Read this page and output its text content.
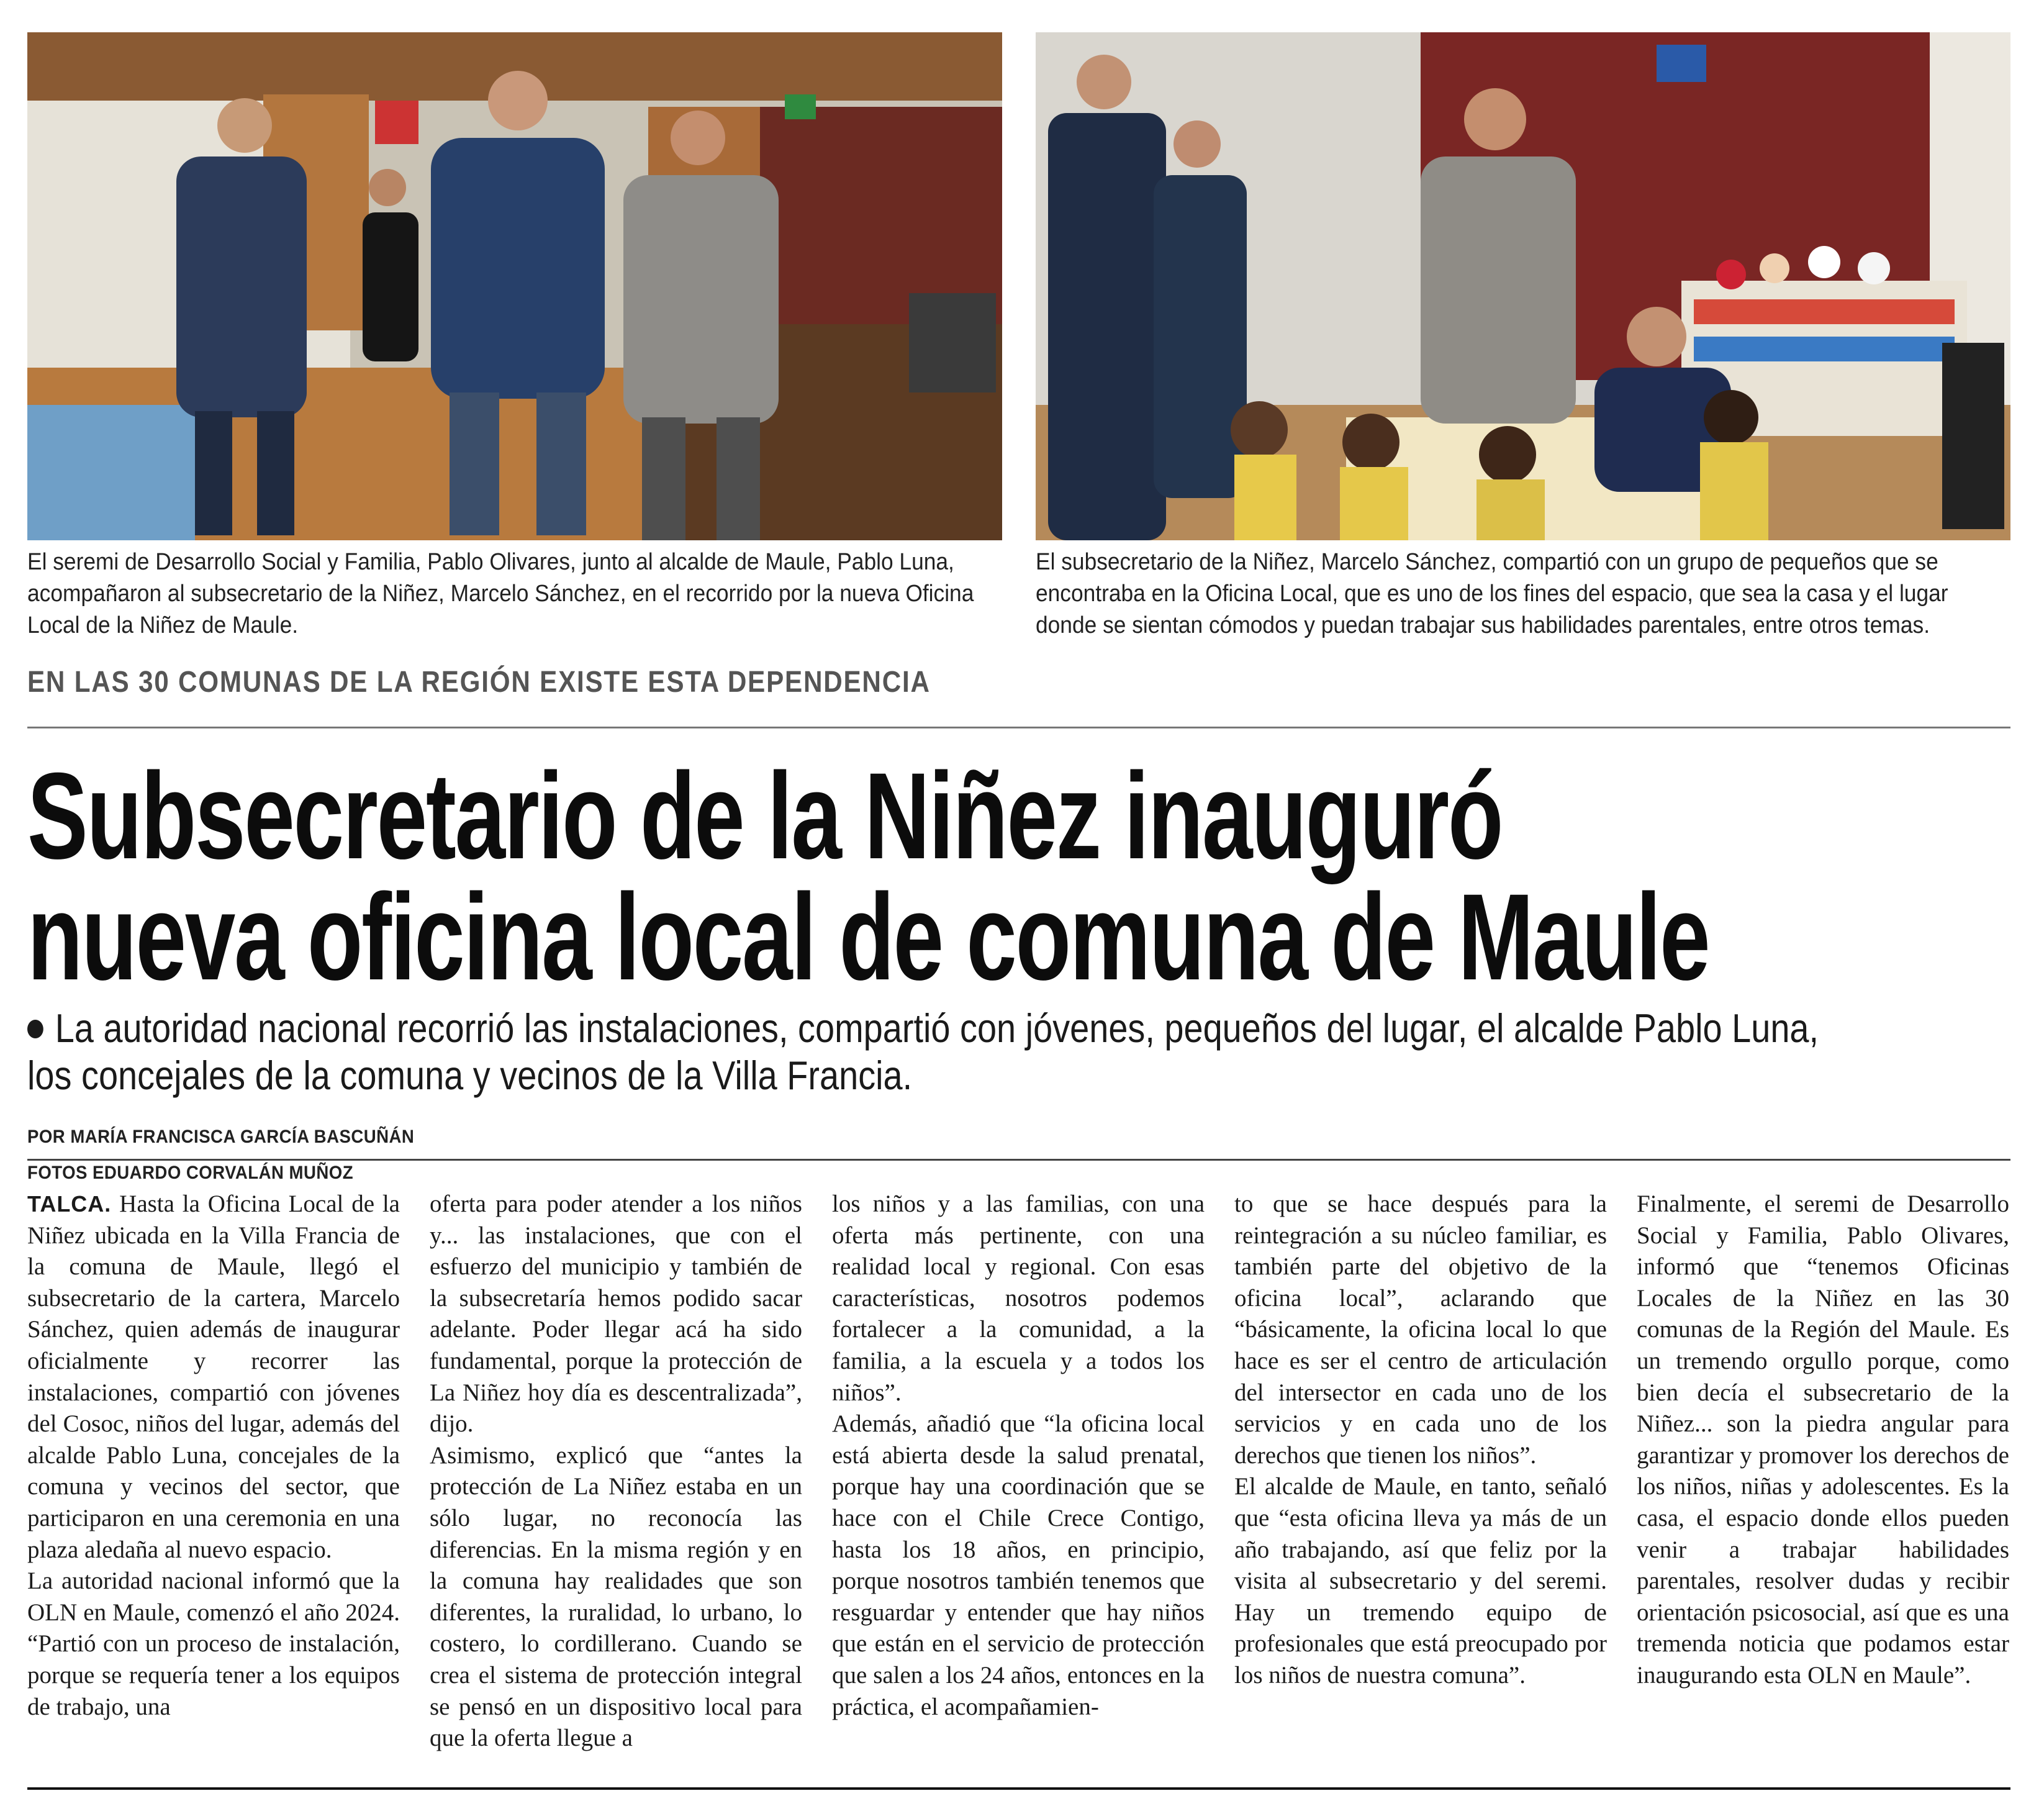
El seremi de Desarrollo Social y Familia, Pablo Olivares, junto al alcalde de Maule, Pablo Luna, acompañaron al subsecretario de la Niñez, Marcelo Sánchez, en el recorrido por la nueva Oficina Local de la Niñez de Maule.

El subsecretario de la Niñez, Marcelo Sánchez, compartió con un grupo de pequeños que se encontraba en la Oficina Local, que es uno de los fines del espacio, que sea la casa y el lugar donde se sientan cómodos y puedan trabajar sus habilidades parentales, entre otros temas.

EN LAS 30 COMUNAS DE LA REGIÓN EXISTE ESTA DEPENDENCIA

Subsecretario de la Niñez inauguró
nueva oficina local de comuna de Maule

La autoridad nacional recorrió las instalaciones, compartió con jóvenes, pequeños del lugar, el alcalde Pablo Luna, los concejales de la comuna y vecinos de la Villa Francia.

POR MARÍA FRANCISCA GARCÍA BASCUÑÁN

FOTOS EDUARDO CORVALÁN MUÑOZ

TALCA. Hasta la Oficina Local de la Niñez ubicada en la Villa Francia de la comuna de Maule, llegó el subsecretario de la cartera, Marcelo Sánchez, quien además de inaugurar oficialmente y recorrer las instalaciones, compartió con jóvenes del Cosoc, niños del lugar, además del alcalde Pablo Luna, concejales de la comuna y vecinos del sector, que participaron en una ceremonia en una plaza aledaña al nuevo espacio.

La autoridad nacional informó que la OLN en Maule, comenzó el año 2024. “Partió con un proceso de instalación, porque se requería tener a los equipos de trabajo, una

oferta para poder atender a los niños y... las instalaciones, que con el esfuerzo del municipio y también de la subsecretaría hemos podido sacar adelante. Poder llegar acá ha sido fundamental, porque la protección de La Niñez hoy día es descentralizada”, dijo.

Asimismo, explicó que “antes la protección de La Niñez estaba en un sólo lugar, no reconocía las diferencias. En la misma región y en la comuna hay realidades que son diferentes, la ruralidad, lo urbano, lo costero, lo cordillerano. Cuando se crea el sistema de protección integral se pensó en un dispositivo local para que la oferta llegue a

los niños y a las familias, con una oferta más pertinente, con una realidad local y regional. Con esas características, nosotros podemos fortalecer a la comunidad, a la familia, a la escuela y a todos los niños”.

Además, añadió que “la oficina local está abierta desde la salud prenatal, porque hay una coordinación que se hace con el Chile Crece Contigo, hasta los 18 años, en principio, porque nosotros también tenemos que resguardar y entender que hay niños que están en el servicio de protección que salen a los 24 años, entonces en la práctica, el acompañamien-

to que se hace después para la reintegración a su núcleo familiar, es también parte del objetivo de la oficina local”, aclarando que “básicamente, la oficina local lo que hace es ser el centro de articulación del intersector en cada uno de los servicios y en cada uno de los derechos que tienen los niños”.

El alcalde de Maule, en tanto, señaló que “esta oficina lleva ya más de un año trabajando, así que feliz por la visita al subsecretario y del seremi. Hay un tremendo equipo de profesionales que está preocupado por los niños de nuestra comuna”.

Finalmente, el seremi de Desarrollo Social y Familia, Pablo Olivares, informó que “tenemos Oficinas Locales de la Niñez en las 30 comunas de la Región del Maule. Es un tremendo orgullo porque, como bien decía el subsecretario de la Niñez... son la piedra angular para garantizar y promover los derechos de los niños, niñas y adolescentes. Es la casa, el espacio donde ellos pueden venir a trabajar habilidades parentales, resolver dudas y recibir orientación psicosocial, así que es una tremenda noticia que podamos estar inaugurando esta OLN en Maule”.
